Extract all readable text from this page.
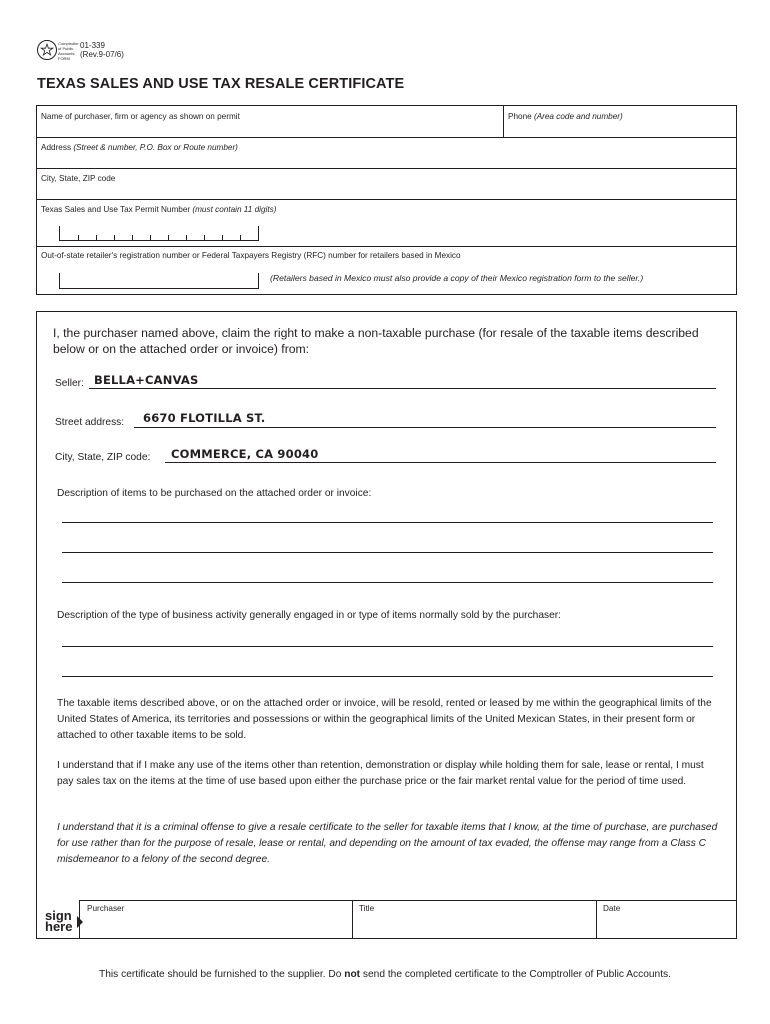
Comptroller
of Public
Accounts
FORM
01-339
(Rev.9-07/6)
TEXAS SALES AND USE TAX RESALE CERTIFICATE
Name of purchaser, firm or agency as shown on permit	Phone (Area code and number)
Address (Street & number, P.O. Box or Route number)
City, State, ZIP code
Texas Sales and Use Tax Permit Number (must contain 11 digits)
Out-of-state retailer's registration number or Federal Taxpayers Registry (RFC) number for retailers based in Mexico
(Retailers based in Mexico must also provide a copy of their Mexico registration form to the seller.)
I, the purchaser named above, claim the right to make a non-taxable purchase (for resale of the taxable items described below or on the attached order or invoice) from:
Seller: BELLA+CANVAS
Street address: 6670 FLOTILLA ST.
City, State, ZIP code: COMMERCE, CA 90040
Description of items to be purchased on the attached order or invoice:
Description of the type of business activity generally engaged in or type of items normally sold by the purchaser:
The taxable items described above, or on the attached order or invoice, will be resold, rented or leased by me within the geographical limits of the United States of America, its territories and possessions or within the geographical limits of the United Mexican States, in their present form or attached to other taxable items to be sold.
I understand that if I make any use of the items other than retention, demonstration or display while holding them for sale, lease or rental, I must pay sales tax on the items at the time of use based upon either the purchase price or the fair market rental value for the period of time used.
I understand that it is a criminal offense to give a resale certificate to the seller for taxable items that I know, at the time of purchase, are purchased for use rather than for the purpose of resale, lease or rental, and depending on the amount of tax evaded, the offense may range from a Class C misdemeanor to a felony of the second degree.
sign
here
Purchaser	Title	Date
This certificate should be furnished to the supplier. Do not send the completed certificate to the Comptroller of Public Accounts.
